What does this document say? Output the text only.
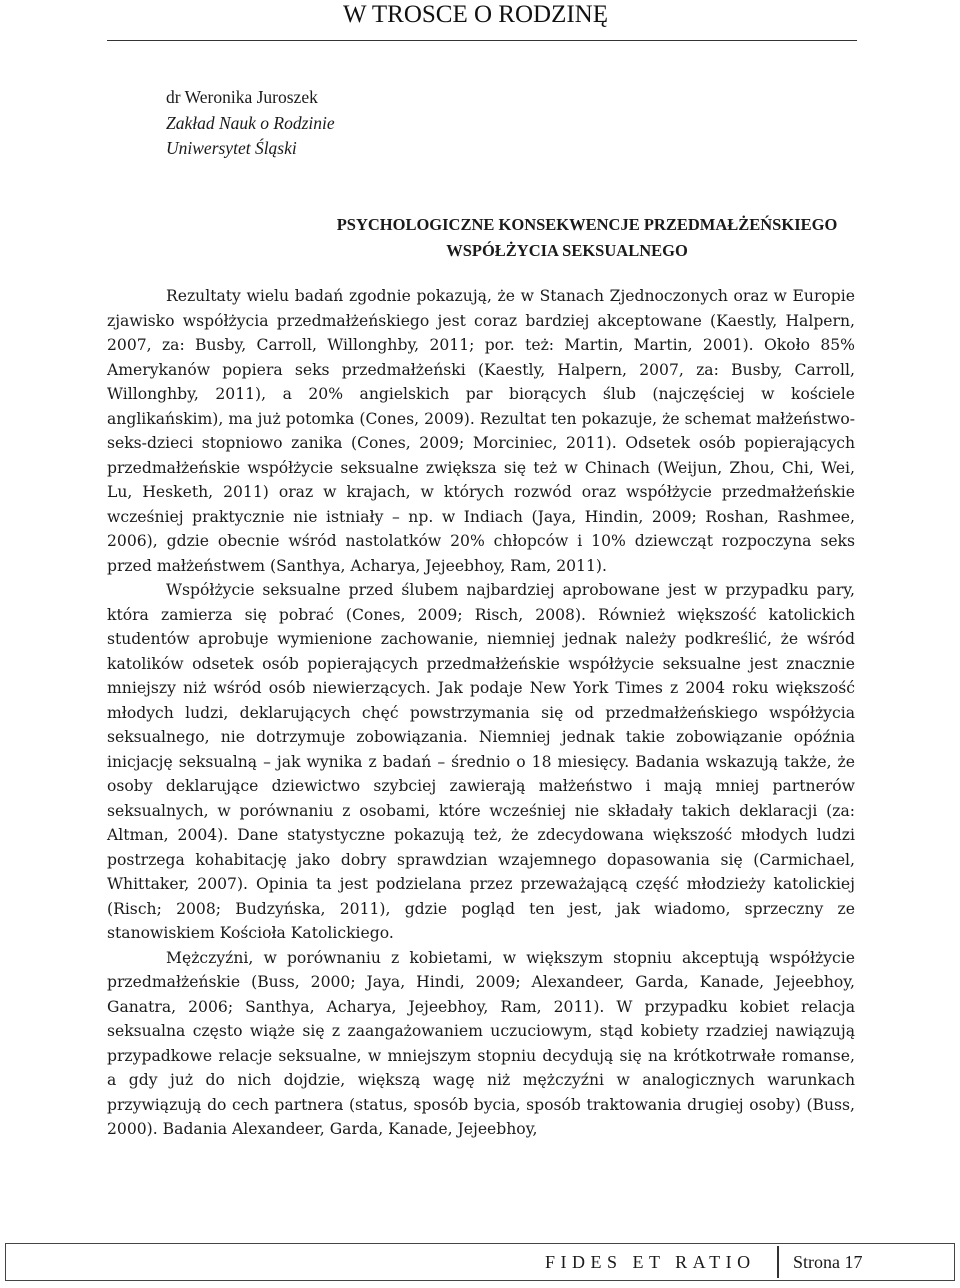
W TROSCE O RODZINĘ
dr Weronika Juroszek
Zakład Nauk o Rodzinie
Uniwersytet Śląski
PSYCHOLOGICZNE KONSEKWENCJE PRZEDMAŁŻEŃSKIEGO
WSPÓŁŻYCIA SEKSUALNEGO

Rezultaty wielu badań zgodnie pokazują, że w Stanach Zjednoczonych oraz w Europie zjawisko współżycia przedmałżeńskiego jest coraz bardziej akceptowane (Kaestly, Halpern, 2007, za: Busby, Carroll, Willonghby, 2011; por. też: Martin, Martin, 2001). Około 85% Amerykanów popiera seks przedmałżeński (Kaestly, Halpern, 2007, za: Busby, Carroll, Willonghby, 2011), a 20% angielskich par biorących ślub (najczęściej w kościele anglikańskim), ma już potomka (Cones, 2009). Rezultat ten pokazuje, że schemat małżeństwo-seks-dzieci stopniowo zanika (Cones, 2009; Morciniec, 2011). Odsetek osób popierających przedmałżeńskie współżycie seksualne zwiększa się też w Chinach (Weijun, Zhou, Chi, Wei, Lu, Hesketh, 2011) oraz w krajach, w których rozwód oraz współżycie przedmałżeńskie wcześniej praktycznie nie istniały – np. w Indiach (Jaya, Hindin, 2009; Roshan, Rashmee, 2006), gdzie obecnie wśród nastolatków 20% chłopców i 10% dziewcząt rozpoczyna seks przed małżeństwem (Santhya, Acharya, Jejeebhoy, Ram, 2011).

Współżycie seksualne przed ślubem najbardziej aprobowane jest w przypadku pary, która zamierza się pobrać (Cones, 2009; Risch, 2008). Również większość katolickich studentów aprobuje wymienione zachowanie, niemniej jednak należy podkreślić, że wśród katolików odsetek osób popierających przedmałżeńskie współżycie seksualne jest znacznie mniejszy niż wśród osób niewierzących. Jak podaje New York Times z 2004 roku większość młodych ludzi, deklarujących chęć powstrzymania się od przedmałżeńskiego współżycia seksualnego, nie dotrzymuje zobowiązania. Niemniej jednak takie zobowiązanie opóźnia inicjację seksualną – jak wynika z badań – średnio o 18 miesięcy. Badania wskazują także, że osoby deklarujące dziewictwo szybciej zawierają małżeństwo i mają mniej partnerów seksualnych, w porównaniu z osobami, które wcześniej nie składały takich deklaracji (za: Altman, 2004). Dane statystyczne pokazują też, że zdecydowana większość młodych ludzi postrzega kohabitację jako dobry sprawdzian wzajemnego dopasowania się (Carmichael, Whittaker, 2007). Opinia ta jest podzielana przez przeważającą część młodzieży katolickiej (Risch; 2008; Budzyńska, 2011), gdzie pogląd ten jest, jak wiadomo, sprzeczny ze stanowiskiem Kościoła Katolickiego.

Mężczyźni, w porównaniu z kobietami, w większym stopniu akceptują współżycie przedmałżeńskie (Buss, 2000; Jaya, Hindi, 2009; Alexandeer, Garda, Kanade, Jejeebhoy, Ganatra, 2006; Santhya, Acharya, Jejeebhoy, Ram, 2011). W przypadku kobiet relacja seksualna często wiąże się z zaangażowaniem uczuciowym, stąd kobiety rzadziej nawiązują przypadkowe relacje seksualne, w mniejszym stopniu decydują się na krótkotrwałe romanse, a gdy już do nich dojdzie, większą wagę niż mężczyźni w analogicznych warunkach przywiązują do cech partnera (status, sposób bycia, sposób traktowania drugiej osoby) (Buss, 2000). Badania Alexandeer, Garda, Kanade, Jejeebhoy,

FIDES ET RATIO Strona 17
